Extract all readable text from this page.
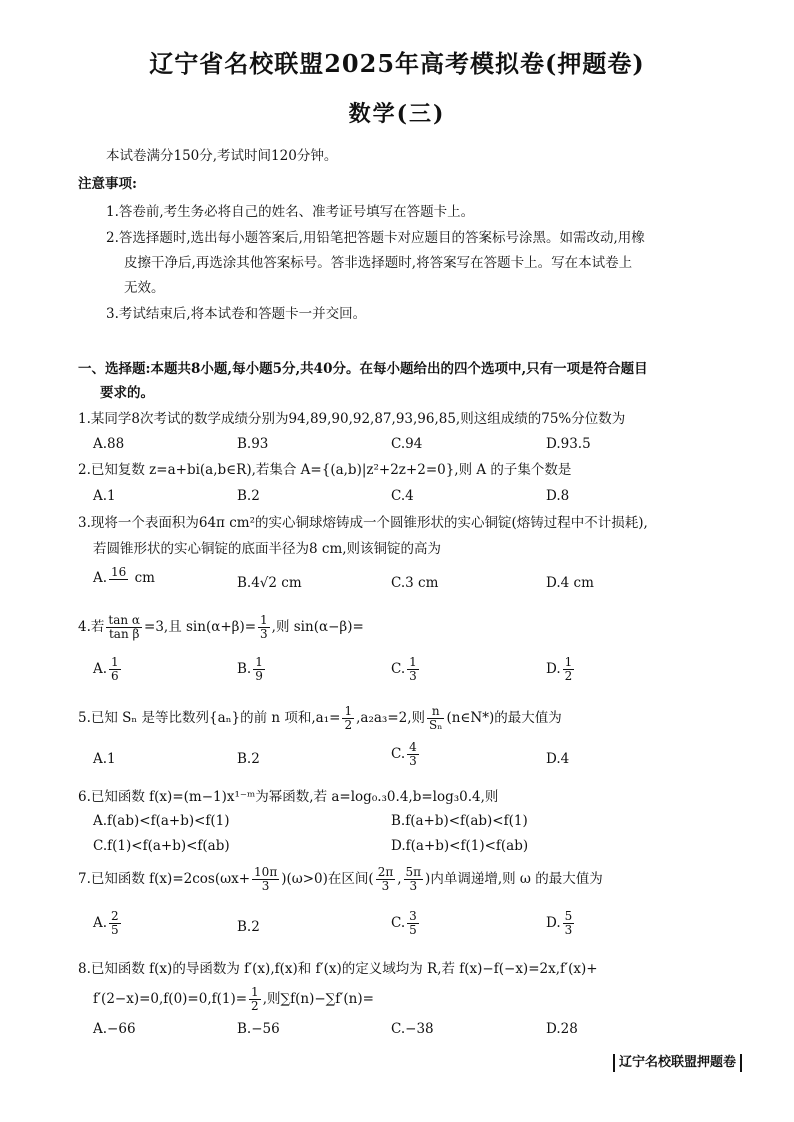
辽宁省名校联盟2025年高考模拟卷(押题卷)
数学(三)
本试卷满分150分,考试时间120分钟。
注意事项:
1.答卷前,考生务必将自己的姓名、准考证号填写在答题卡上。
2.答选择题时,选出每小题答案后,用铅笔把答题卡对应题目的答案标号涂黑。如需改动,用橡
皮擦干净后,再选涂其他答案标号。答非选择题时,将答案写在答题卡上。写在本试卷上
无效。
3.考试结束后,将本试卷和答题卡一并交回。
一、选择题:本题共8小题,每小题5分,共40分。在每小题给出的四个选项中,只有一项是符合题目
要求的。
1.某同学8次考试的数学成绩分别为94,89,90,92,87,93,96,85,则这组成绩的75%分位数为
A.88	B.93	C.94	D.93.5
2.已知复数 z=a+bi(a,b∈R),若集合 A={(a,b)|z²+2z+2=0},则 A 的子集个数是
A.1	B.2	C.4	D.8
3.现将一个表面积为64π cm²的实心铜球熔铸成一个圆锥形状的实心铜锭(熔铸过程中不计损耗),
若圆锥形状的实心铜锭的底面半径为8 cm,则该铜锭的高为
A. 16 cm	B.4√2 cm	C.3 cm	D.4 cm
4.若 $\frac{\text{tan α}}{\text{tan β}} =3$,且 $\sin(\alpha+\beta)= \frac{1}{3}$ ,则 sin(α−β)=
A. $\frac{1}{6}$	B. $\frac{1}{9}$	C. $\frac{1}{3}$	D. $\frac{1}{2}$
5.已知 Sₙ 是等比数列{aₙ}的前 n 项和$,a_1= \frac{1}{2} ,a_2a_3=2$,则 $\frac{n}{\text{Sₙ}}$ (n∈N*)的最大值为
A.1	B.2	C. $\frac{4}{3}$	D.4
6.已知函数 f(x)=(m−1)x¹⁻ᵐ为幂函数,若 a=log₀.₃0.4,b=log₃0.4,则
A.f(ab)<f(a+b)<f(1)	B.f(a+b)<f(ab)<f(1)
C.f(1)<f(a+b)<f(ab)	D.f(a+b)<f(1)<f(ab)
7.已知函数 $f(x)=2\cos(\omega x+ \frac{10\pi}{3} )(\omega>0)$在区间( $\frac{2\pi}{3}$ , $\frac{5\pi}{3}$ )内单调递增,则 ω 的最大值为
A. $\frac{2}{5}$	B.2	C. $\frac{3}{5}$	D. $\frac{5}{3}$
8.已知函数 f(x)的导函数为 f′(x),f(x)和 f′(x)的定义域均为 R,若 f(x)−f(−x)=2x,f′(x)+
$f'(2-x)=0,f(0)=0,f(1)= \frac{1}{2}$ ,则∑f(n)−∑f′(n)=
A.−66	B.−56	C.−38	D.28
辽宁名校联盟押题卷
